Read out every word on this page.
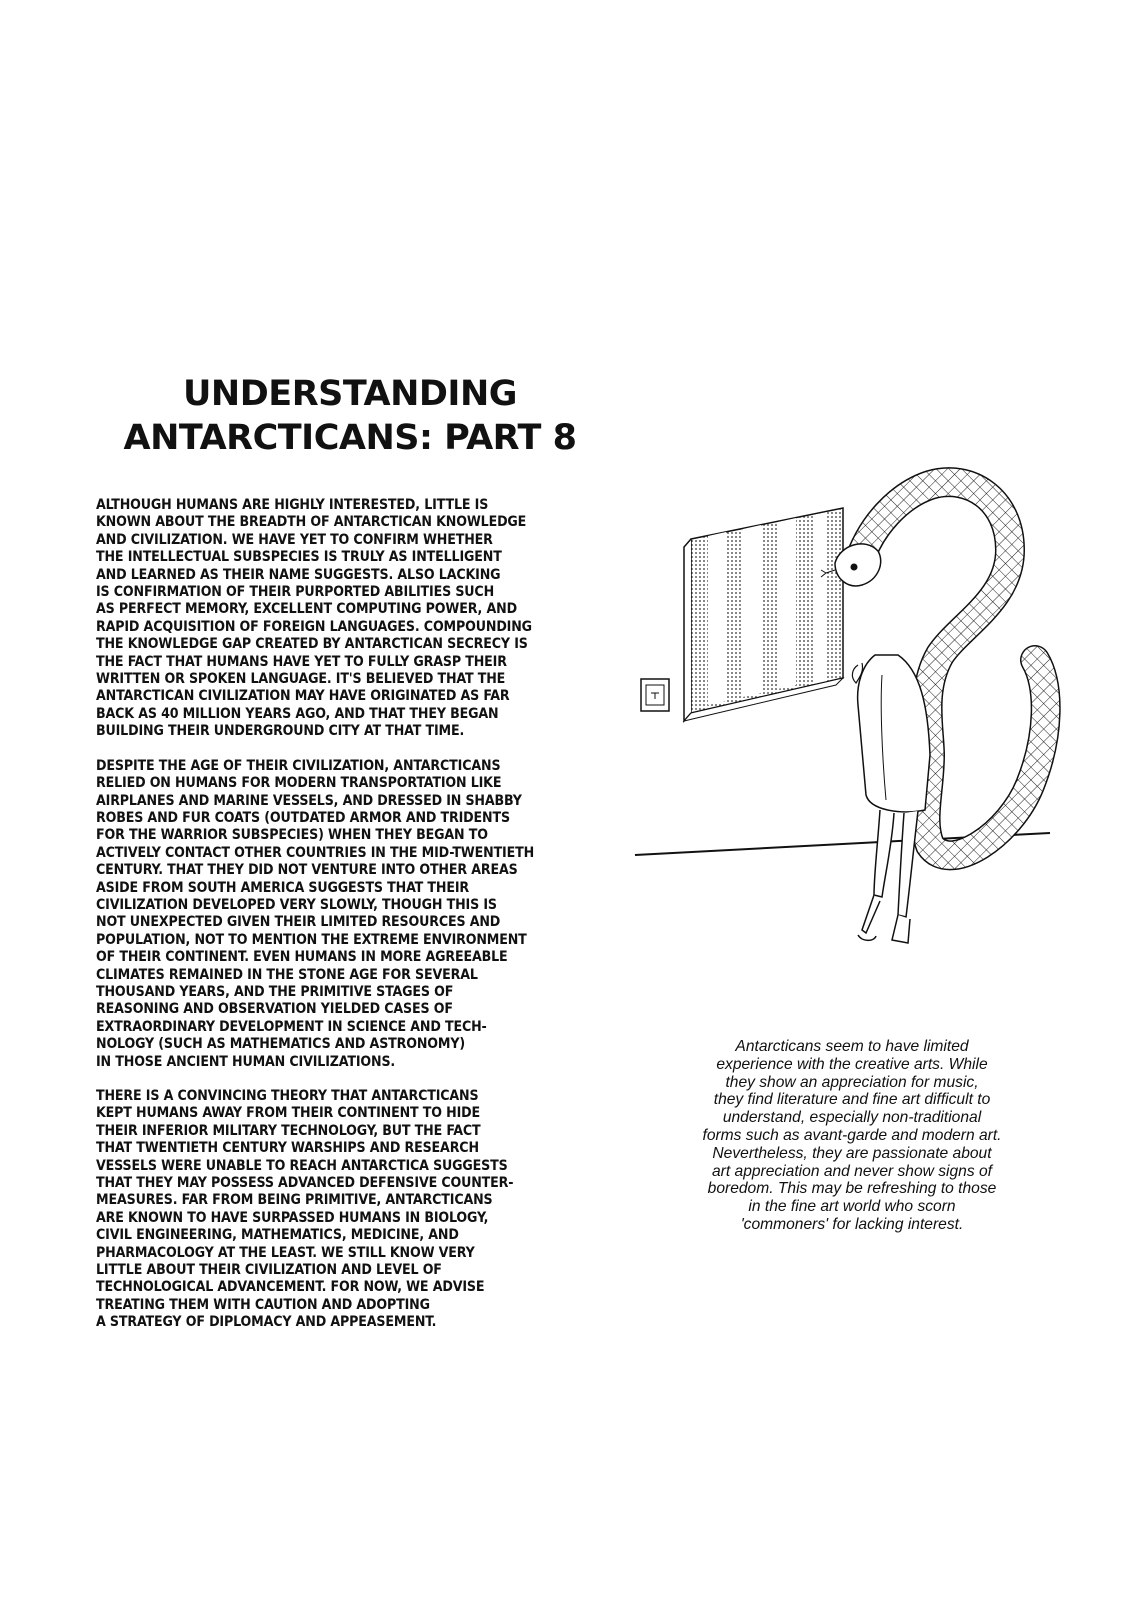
UNDERSTANDING
ANTARCTICANS: PART 8
ALTHOUGH HUMANS ARE HIGHLY INTERESTED, LITTLE IS
KNOWN ABOUT THE BREADTH OF ANTARCTICAN KNOWLEDGE
AND CIVILIZATION. WE HAVE YET TO CONFIRM WHETHER
THE INTELLECTUAL SUBSPECIES IS TRULY AS INTELLIGENT
AND LEARNED AS THEIR NAME SUGGESTS. ALSO LACKING
IS CONFIRMATION OF THEIR PURPORTED ABILITIES SUCH
AS PERFECT MEMORY, EXCELLENT COMPUTING POWER, AND
RAPID ACQUISITION OF FOREIGN LANGUAGES. COMPOUNDING
THE KNOWLEDGE GAP CREATED BY ANTARCTICAN SECRECY IS
THE FACT THAT HUMANS HAVE YET TO FULLY GRASP THEIR
WRITTEN OR SPOKEN LANGUAGE. IT'S BELIEVED THAT THE
ANTARCTICAN CIVILIZATION MAY HAVE ORIGINATED AS FAR
BACK AS 40 MILLION YEARS AGO, AND THAT THEY BEGAN
BUILDING THEIR UNDERGROUND CITY AT THAT TIME.
DESPITE THE AGE OF THEIR CIVILIZATION, ANTARCTICANS
RELIED ON HUMANS FOR MODERN TRANSPORTATION LIKE
AIRPLANES AND MARINE VESSELS, AND DRESSED IN SHABBY
ROBES AND FUR COATS (OUTDATED ARMOR AND TRIDENTS
FOR THE WARRIOR SUBSPECIES) WHEN THEY BEGAN TO
ACTIVELY CONTACT OTHER COUNTRIES IN THE MID-TWENTIETH
CENTURY. THAT THEY DID NOT VENTURE INTO OTHER AREAS
ASIDE FROM SOUTH AMERICA SUGGESTS THAT THEIR
CIVILIZATION DEVELOPED VERY SLOWLY, THOUGH THIS IS
NOT UNEXPECTED GIVEN THEIR LIMITED RESOURCES AND
POPULATION, NOT TO MENTION THE EXTREME ENVIRONMENT
OF THEIR CONTINENT. EVEN HUMANS IN MORE AGREEABLE
CLIMATES REMAINED IN THE STONE AGE FOR SEVERAL
THOUSAND YEARS, AND THE PRIMITIVE STAGES OF
REASONING AND OBSERVATION YIELDED CASES OF
EXTRAORDINARY DEVELOPMENT IN SCIENCE AND TECH-
NOLOGY (SUCH AS MATHEMATICS AND ASTRONOMY)
IN THOSE ANCIENT HUMAN CIVILIZATIONS.
THERE IS A CONVINCING THEORY THAT ANTARCTICANS
KEPT HUMANS AWAY FROM THEIR CONTINENT TO HIDE
THEIR INFERIOR MILITARY TECHNOLOGY, BUT THE FACT
THAT TWENTIETH CENTURY WARSHIPS AND RESEARCH
VESSELS WERE UNABLE TO REACH ANTARCTICA SUGGESTS
THAT THEY MAY POSSESS ADVANCED DEFENSIVE COUNTER-
MEASURES. FAR FROM BEING PRIMITIVE, ANTARCTICANS
ARE KNOWN TO HAVE SURPASSED HUMANS IN BIOLOGY,
CIVIL ENGINEERING, MATHEMATICS, MEDICINE, AND
PHARMACOLOGY AT THE LEAST. WE STILL KNOW VERY
LITTLE ABOUT THEIR CIVILIZATION AND LEVEL OF
TECHNOLOGICAL ADVANCEMENT. FOR NOW, WE ADVISE
TREATING THEM WITH CAUTION AND ADOPTING
A STRATEGY OF DIPLOMACY AND APPEASEMENT.
Antarcticans seem to have limited
experience with the creative arts. While
they show an appreciation for music,
they find literature and fine art difficult to
understand, especially non-traditional
forms such as avant-garde and modern art.
Nevertheless, they are passionate about
art appreciation and never show signs of
boredom. This may be refreshing to those
in the fine art world who scorn
'commoners' for lacking interest.
